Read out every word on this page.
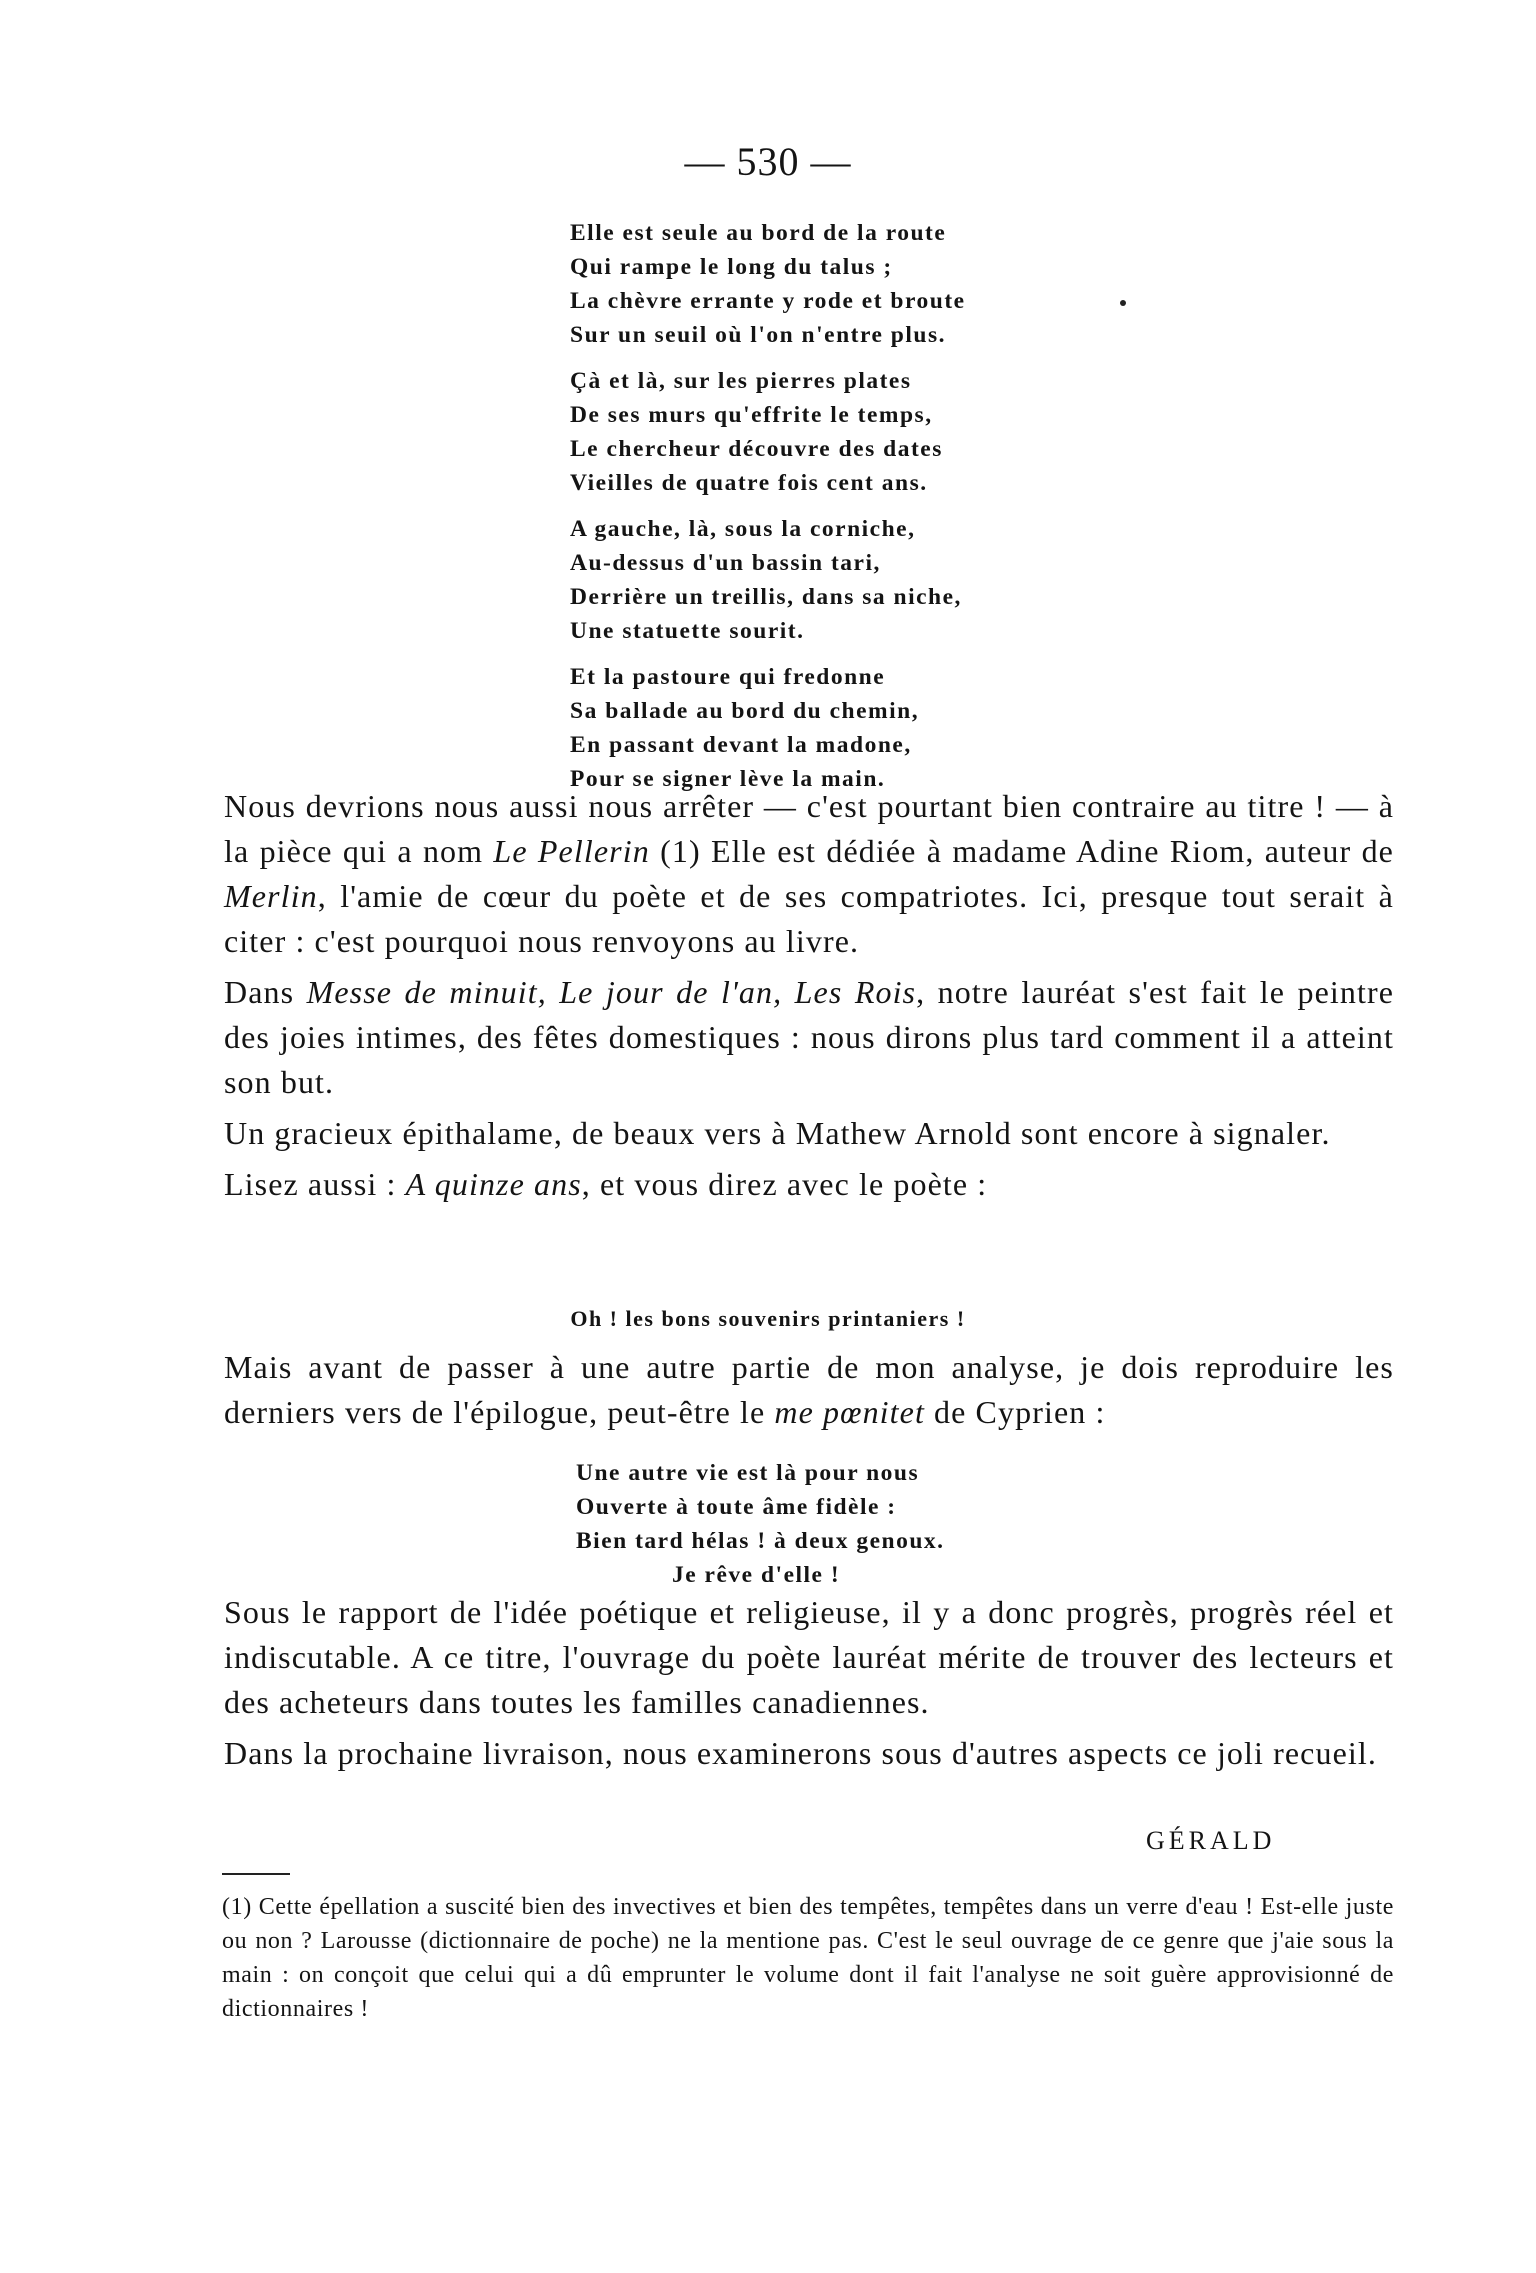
— 530 —
Elle est seule au bord de la route
Qui rampe le long du talus ;
La chèvre errante y rode et broute
Sur un seuil où l'on n'entre plus.
Çà et là, sur les pierres plates
De ses murs qu'effrite le temps,
Le chercheur découvre des dates
Vieilles de quatre fois cent ans.
A gauche, là, sous la corniche,
Au-dessus d'un bassin tari,
Derrière un treillis, dans sa niche,
Une statuette sourit.
Et la pastoure qui fredonne
Sa ballade au bord du chemin,
En passant devant la madone,
Pour se signer lève la main.

Nous devrions nous aussi nous arrêter — c'est pourtant bien contraire au titre ! — à la pièce qui a nom Le Pellerin (1) Elle est dédiée à madame Adine Riom, auteur de Merlin, l'amie de cœur du poète et de ses compatriotes. Ici, presque tout serait à citer : c'est pourquoi nous renvoyons au livre.

Dans Messe de minuit, Le jour de l'an, Les Rois, notre lauréat s'est fait le peintre des joies intimes, des fêtes domestiques : nous dirons plus tard comment il a atteint son but.

Un gracieux épithalame, de beaux vers à Mathew Arnold sont encore à signaler.

Lisez aussi : A quinze ans, et vous direz avec le poète :

Oh ! les bons souvenirs printaniers !

Mais avant de passer à une autre partie de mon analyse, je dois reproduire les derniers vers de l'épilogue, peut-être le me pœnitet de Cyprien :

Une autre vie est là pour nous
Ouverte à toute âme fidèle :
Bien tard hélas ! à deux genoux.
Je rêve d'elle !

Sous le rapport de l'idée poétique et religieuse, il y a donc progrès, progrès réel et indiscutable. A ce titre, l'ouvrage du poète lauréat mérite de trouver des lecteurs et des acheteurs dans toutes les familles canadiennes.

Dans la prochaine livraison, nous examinerons sous d'autres aspects ce joli recueil.

GÉRALD
(1) Cette épellation a suscité bien des invectives et bien des tempêtes, tempêtes dans un verre d'eau ! Est-elle juste ou non ? Larousse (dictionnaire de poche) ne la mentione pas. C'est le seul ouvrage de ce genre que j'aie sous la main : on conçoit que celui qui a dû emprunter le volume dont il fait l'analyse ne soit guère approvisionné de dictionnaires !
